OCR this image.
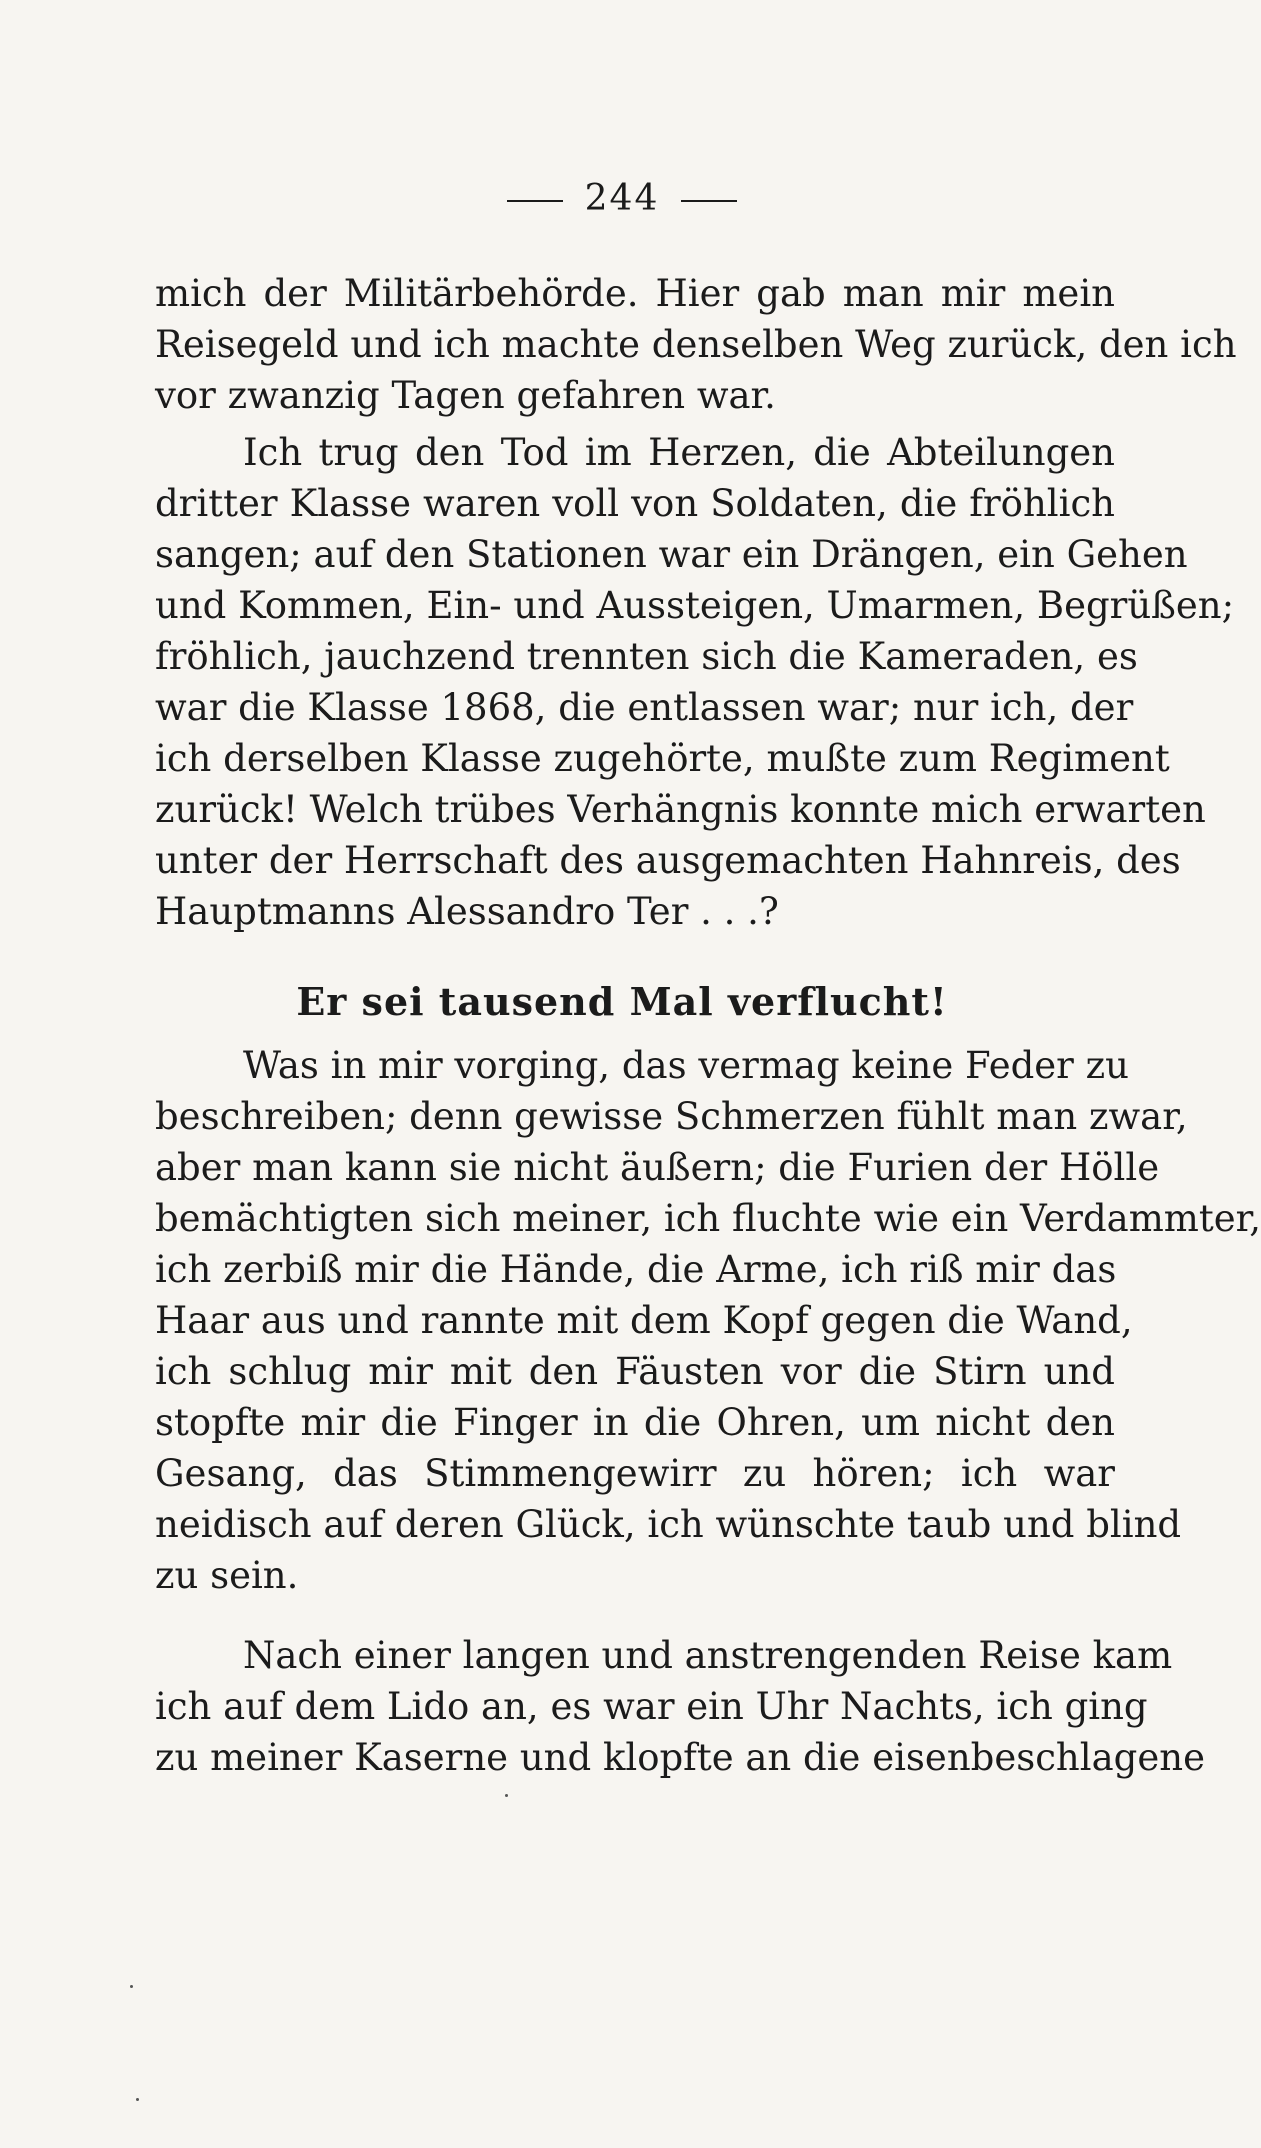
244
mich der Militärbehörde. Hier gab man mir mein
Reisegeld und ich machte denselben Weg zurück, den ich
vor zwanzig Tagen gefahren war.
Ich trug den Tod im Herzen, die Abteilungen
dritter Klasse waren voll von Soldaten, die fröhlich
sangen; auf den Stationen war ein Drängen, ein Gehen
und Kommen, Ein- und Aussteigen, Umarmen, Begrüßen;
fröhlich, jauchzend trennten sich die Kameraden, es
war die Klasse 1868, die entlassen war; nur ich, der
ich derselben Klasse zugehörte, mußte zum Regiment
zurück! Welch trübes Verhängnis konnte mich erwarten
unter der Herrschaft des ausgemachten Hahnreis, des
Hauptmanns Alessandro Ter . . .?
Er sei tausend Mal verflucht!
Was in mir vorging, das vermag keine Feder zu
beschreiben; denn gewisse Schmerzen fühlt man zwar,
aber man kann sie nicht äußern; die Furien der Hölle
bemächtigten sich meiner, ich fluchte wie ein Verdammter,
ich zerbiß mir die Hände, die Arme, ich riß mir das
Haar aus und rannte mit dem Kopf gegen die Wand,
ich schlug mir mit den Fäusten vor die Stirn und
stopfte mir die Finger in die Ohren, um nicht den
Gesang, das Stimmengewirr zu hören; ich war
neidisch auf deren Glück, ich wünschte taub und blind
zu sein.
Nach einer langen und anstrengenden Reise kam
ich auf dem Lido an, es war ein Uhr Nachts, ich ging
zu meiner Kaserne und klopfte an die eisenbeschlagene
